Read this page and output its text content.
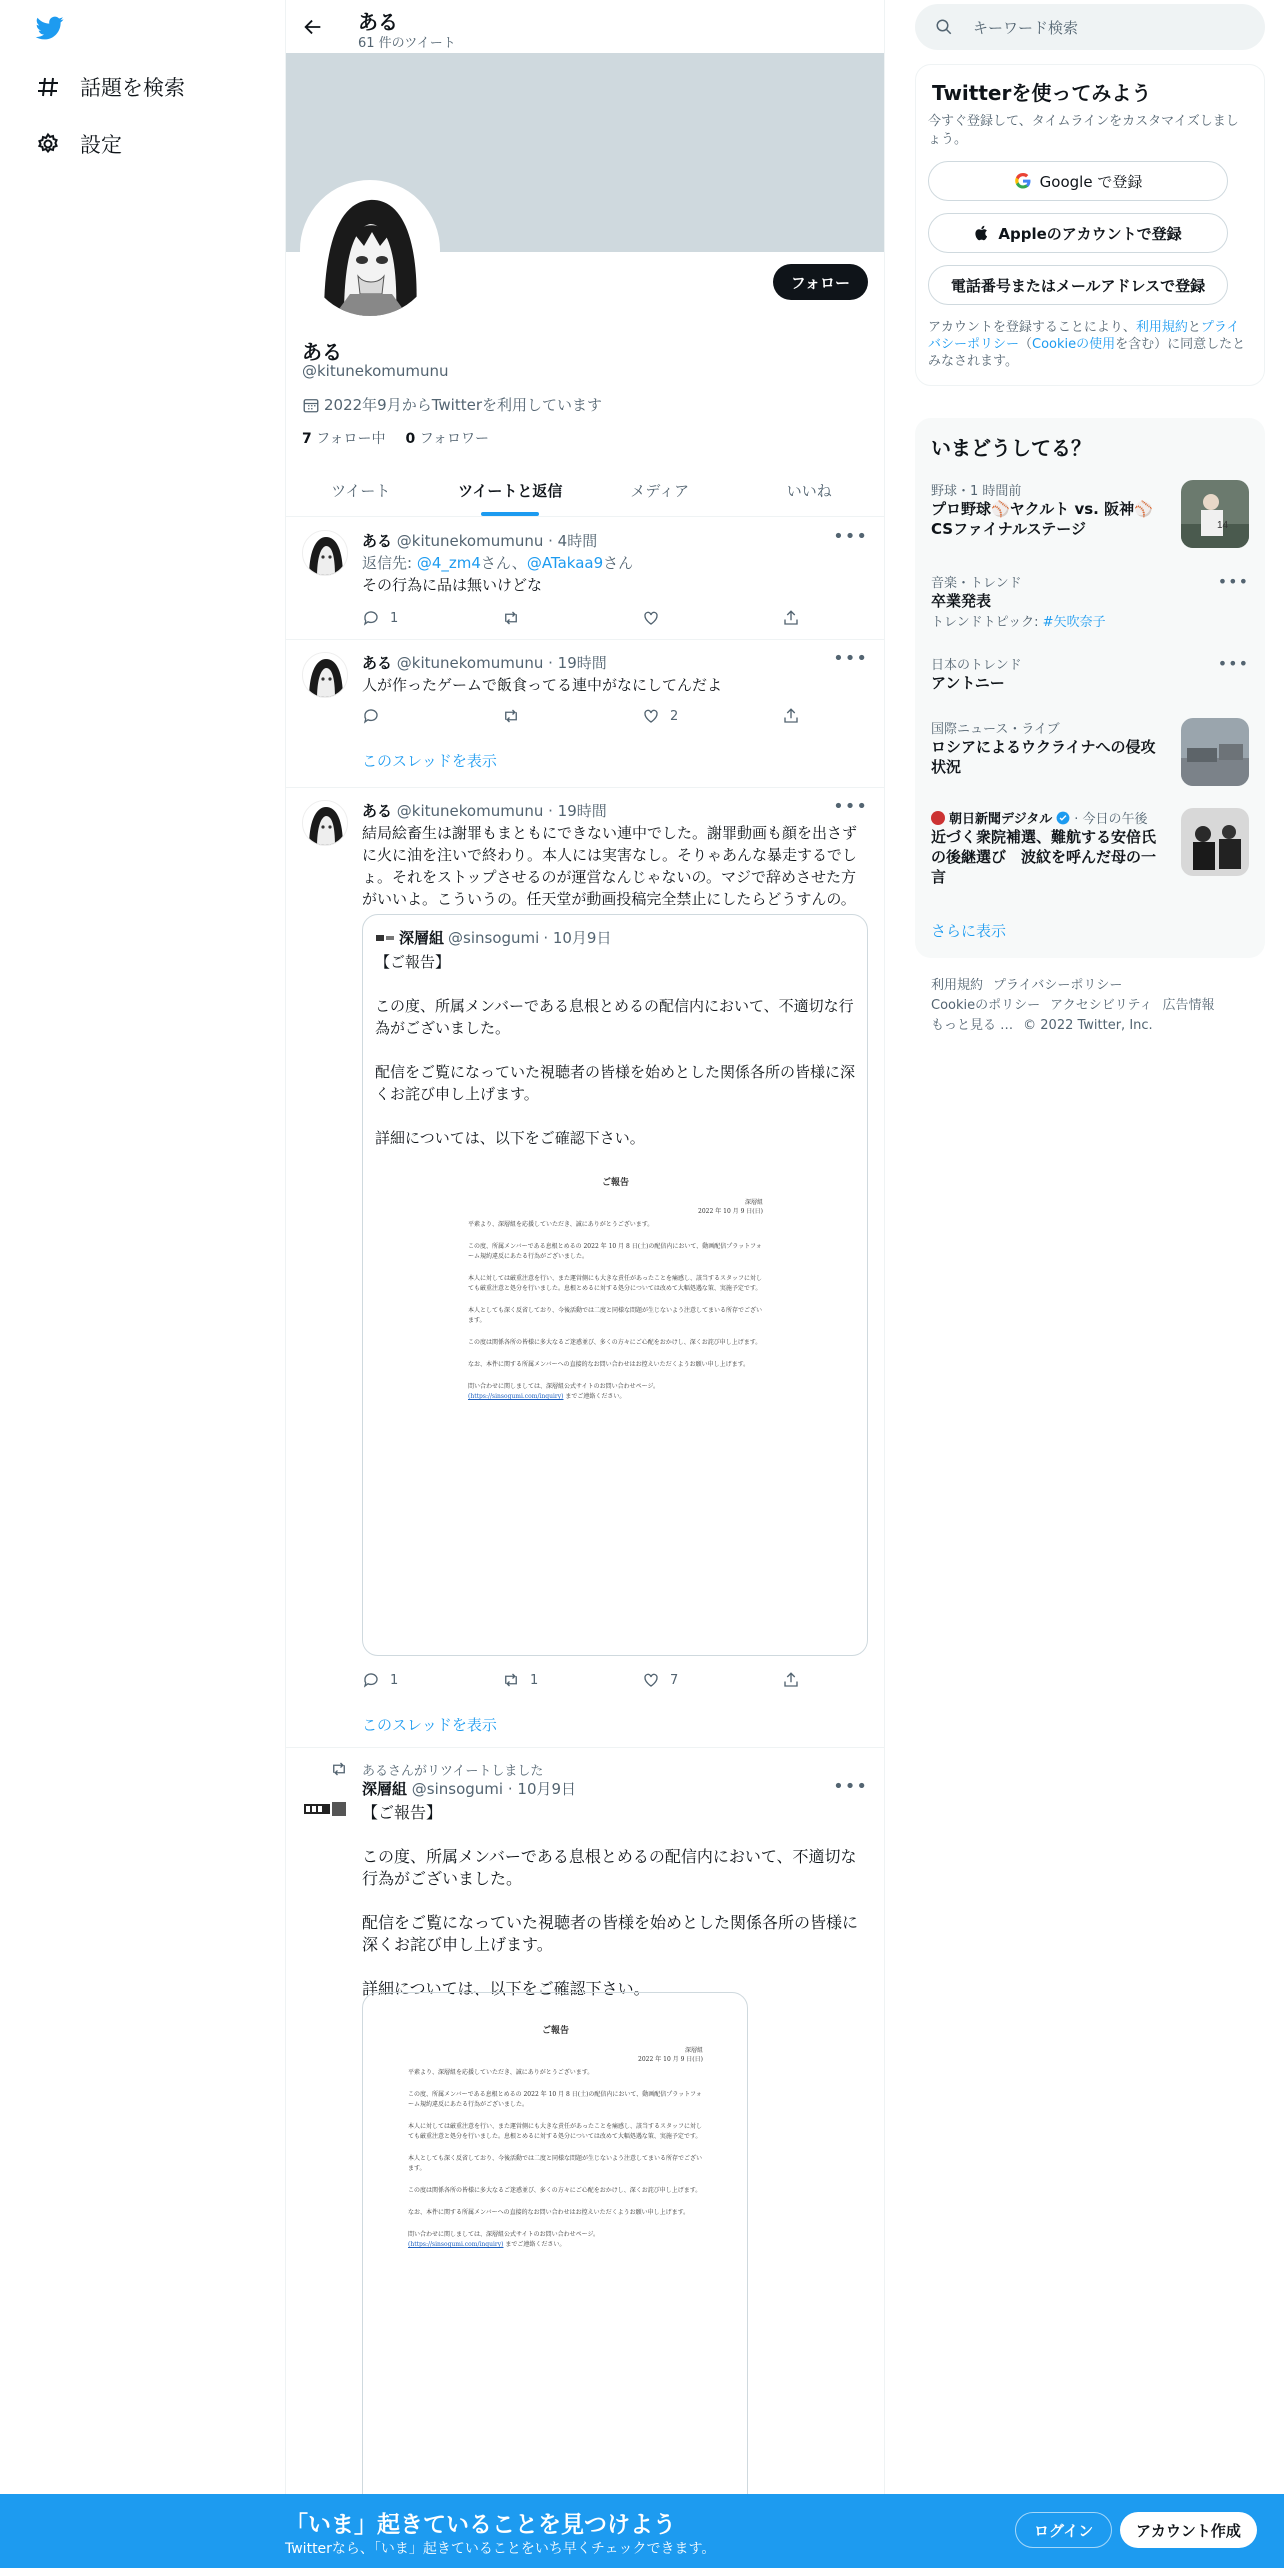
話題を検索
設定
ある
61 件のツイート
フォロー
ある
@kitunekomumunu
2022年9月からTwitterを利用しています
7 フォロー中 0 フォロワー
ツイート	ツイートと返信	メディア	いいね
ある @kitunekomumunu · 4時間	•••
返信先: @4_zm4さん、@ATakaa9さん
その行為に品は無いけどな
1
ある @kitunekomumunu · 19時間	•••
人が作ったゲームで飯食ってる連中がなにしてんだよ
2
このスレッドを表示
ある @kitunekomumunu · 19時間	•••
結局絵畜生は謝罪もまともにできない連中でした。謝罪動画も顔を出さずに火に油を注いで終わり。本人には実害なし。そりゃあんな暴走するでしょ。それをストップさせるのが運営なんじゃないの。マジで辞めさせた方がいいよ。こういうの。任天堂が動画投稿完全禁止にしたらどうすんの。
深層組 @sinsogumi · 10月9日
【ご報告】
この度、所属メンバーである息根とめるの配信内において、不適切な行為がございました。
配信をご覧になっていた視聴者の皆様を始めとした関係各所の皆様に深くお詫び申し上げます。
詳細については、以下をご確認下さい。
ご報告
深層組
2022 年 10 月 9 日(日)
平素より、深層組を応援していただき、誠にありがとうございます。
この度、所属メンバーである息根とめるの 2022 年 10 月 8 日(土)の配信内において、動画配信プラットフォーム規約違反にあたる行為がございました。
本人に対しては厳重注意を行い、また運営側にも大きな責任があったことを痛感し、該当するスタッフに対しても厳重注意と処分を行いました。息根とめるに対する処分については改めて大幅処遇な策、実施予定です。
本人としても深く反省しており、今後活動では二度と同様な問題が生じないよう注意してまいる所存でございます。
この度は関係各所の皆様に多大なるご迷惑並び、多くの方々にご心配をおかけし、深くお詫び申し上げます。
なお、本件に関する所属メンバーへの直接的なお問い合わせはお控えいただくようお願い申し上げます。
問い合わせに関しましては、深層組公式サイトのお問い合わせページ。
(https://sinsogumi.com/inquiry) までご連絡ください。
1	1	7
このスレッドを表示
あるさんがリツイートしました
深層組 @sinsogumi · 10月9日	•••
【ご報告】
この度、所属メンバーである息根とめるの配信内において、不適切な行為がございました。
配信をご覧になっていた視聴者の皆様を始めとした関係各所の皆様に深くお詫び申し上げます。
詳細については、以下をご確認下さい。
ご報告
深層組
2022 年 10 月 9 日(日)
平素より、深層組を応援していただき、誠にありがとうございます。
この度、所属メンバーである息根とめるの 2022 年 10 月 8 日(土)の配信内において、動画配信プラットフォーム規約違反にあたる行為がございました。
本人に対しては厳重注意を行い、また運営側にも大きな責任があったことを痛感し、該当するスタッフに対しても厳重注意と処分を行いました。息根とめるに対する処分については改めて大幅処遇な策、実施予定です。
本人としても深く反省しており、今後活動では二度と同様な問題が生じないよう注意してまいる所存でございます。
この度は関係各所の皆様に多大なるご迷惑並び、多くの方々にご心配をおかけし、深くお詫び申し上げます。
なお、本件に関する所属メンバーへの直接的なお問い合わせはお控えいただくようお願い申し上げます。
問い合わせに関しましては、深層組公式サイトのお問い合わせページ。
(https://sinsogumi.com/inquiry) までご連絡ください。
キーワード検索
Twitterを使ってみよう
今すぐ登録して、タイムラインをカスタマイズしましょう。
Google で登録
Appleのアカウントで登録
電話番号またはメールアドレスで登録
アカウントを登録することにより、利用規約とプライバシーポリシー（Cookieの使用を含む）に同意したとみなされます。
いまどうしてる？
野球・1 時間前
プロ野球⚾ヤクルト vs. 阪神⚾CSファイナルステージ	14
音楽・トレンド
卒業発表
トレンドトピック: #矢吹奈子
•••
日本のトレンド
アントニー
•••
国際ニュース・ライブ
ロシアによるウクライナへの侵攻状況
朝日新聞デジタル · 今日の午後
近づく衆院補選、難航する安倍氏の後継選び　波紋を呼んだ母の一言
さらに表示
利用規約 プライバシーポリシー
Cookieのポリシー アクセシビリティ 広告情報
もっと見る … © 2022 Twitter, Inc.
「いま」起きていることを見つけよう
Twitterなら、「いま」起きていることをいち早くチェックできます。
ログイン	アカウント作成
